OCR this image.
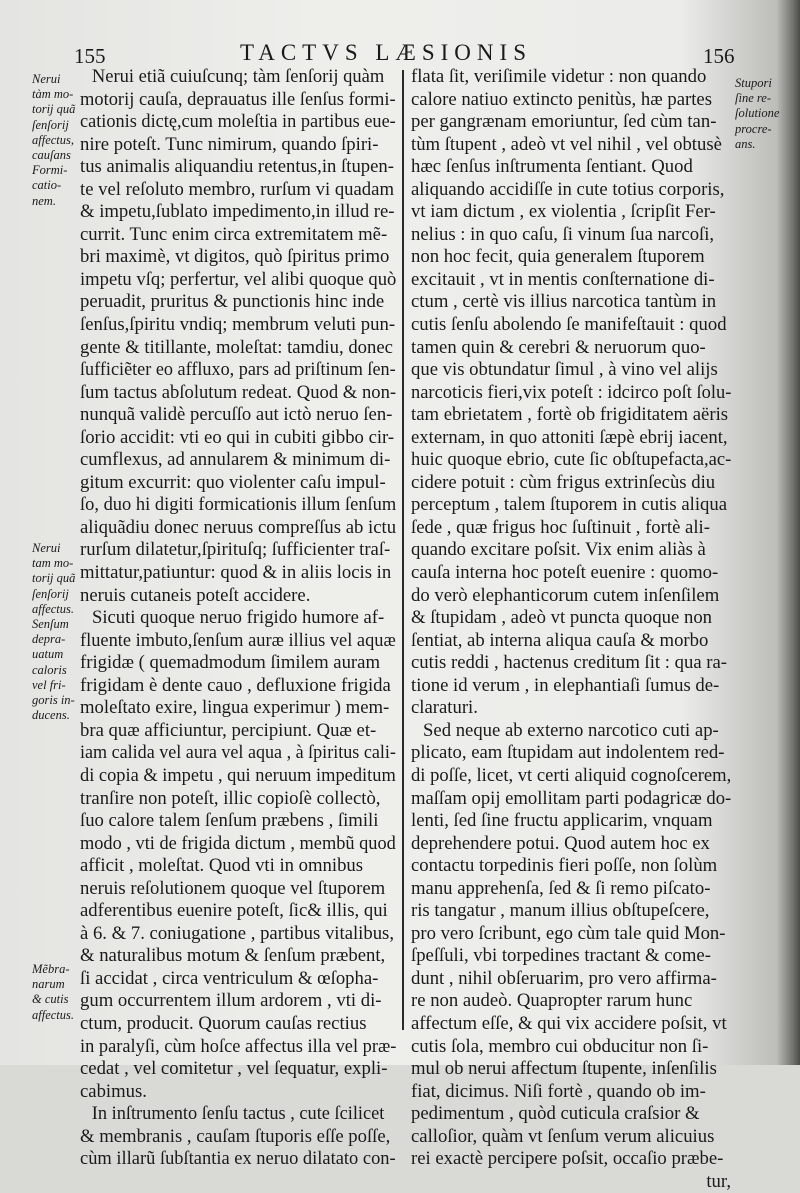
155	TACTVS LÆSIONIS	156
Nerui etiã cuiuſcunq; tàm ſenſorij quàm
motorij cauſa, deprauatus ille ſenſus formi-
cationis dictę,cum moleſtia in partibus eue-
nire poteſt. Tunc nimirum, quando ſpiri-
tus animalis aliquandiu retentus,in ſtupen-
te vel reſoluto membro, rurſum vi quadam
& impetu,ſublato impedimento,in illud re-
currit. Tunc enim circa extremitatem mẽ-
bri maximè, vt digitos, quò ſpiritus primo
impetu vſq; perfertur, vel alibi quoque quò
peruadit, pruritus & punctionis hinc inde
ſenſus,ſpiritu vndiq; membrum veluti pun-
gente & titillante, moleſtat: tamdiu, donec
ſufficiẽter eo affluxo, pars ad priſtinum ſen-
ſum tactus abſolutum redeat. Quod & non-
nunquã validè percuſſo aut ictò neruo ſen-
ſorio accidit: vti eo qui in cubiti gibbo cir-
cumflexus, ad annularem & minimum di-
gitum excurrit: quo violenter caſu impul-
ſo, duo hi digiti formicationis illum ſenſum
aliquãdiu donec neruus compreſſus ab ictu
rurſum dilatetur,ſpirituſq; ſufficienter traſ-
mittatur,patiuntur: quod & in aliis locis in
neruis cutaneis poteſt accidere.
Sicuti quoque neruo frigido humore af-
fluente imbuto,ſenſum auræ illius vel aquæ
frigidæ ( quemadmodum ſimilem auram
frigidam è dente cauo , defluxione frigida
moleſtato exire, lingua experimur ) mem-
bra quæ afficiuntur, percipiunt. Quæ et-
iam calida vel aura vel aqua , à ſpiritus cali-
di copia & impetu , qui neruum impeditum
tranſire non poteſt, illic copioſè collectò,
ſuo calore talem ſenſum præbens , ſimili
modo , vti de frigida dictum , membũ quod
afficit , moleſtat. Quod vti in omnibus
neruis reſolutionem quoque vel ſtuporem
adferentibus euenire poteſt, ſic& illis, qui
à 6. & 7. coniugatione , partibus vitalibus,
& naturalibus motum & ſenſum præbent,
ſi accidat , circa ventriculum & œſopha-
gum occurrentem illum ardorem , vti di-
ctum, producit. Quorum cauſas rectius
in paralyſi, cùm hoſce affectus illa vel præ-
cedat , vel comitetur , vel ſequatur, expli-
cabimus.
In inſtrumento ſenſu tactus , cute ſcilicet
& membranis , cauſam ſtuporis eſſe poſſe,
cùm illarũ ſubſtantia ex neruo dilatato con-
flata ſit, veriſimile videtur : non quando
calore natiuo extincto penitùs, hæ partes
per gangrænam emoriuntur, ſed cùm tan-
tùm ſtupent , adeò vt vel nihil , vel obtusè
hæc ſenſus inſtrumenta ſentiant. Quod
aliquando accidiſſe in cute totius corporis,
vt iam dictum , ex violentia , ſcripſit Fer-
nelius : in quo caſu, ſi vinum ſua narcoſi,
non hoc fecit, quia generalem ſtuporem
excitauit , vt in mentis conſternatione di-
ctum , certè vis illius narcotica tantùm in
cutis ſenſu abolendo ſe manifeſtauit : quod
tamen quin & cerebri & neruorum quo-
que vis obtundatur ſimul , à vino vel alijs
narcoticis fieri,vix poteſt : idcirco poſt ſolu-
tam ebrietatem , fortè ob frigiditatem aëris
externam, in quo attoniti ſæpè ebrij iacent,
huic quoque ebrio, cute ſic obſtupefacta,ac-
cidere potuit : cùm frigus extrinſecùs diu
perceptum , talem ſtuporem in cutis aliqua
ſede , quæ frigus hoc ſuſtinuit , fortè ali-
quando excitare poſsit. Vix enim aliàs à
cauſa interna hoc poteſt euenire : quomo-
do verò elephanticorum cutem inſenſilem
& ſtupidam , adeò vt puncta quoque non
ſentiat, ab interna aliqua cauſa & morbo
cutis reddi , hactenus creditum ſit : qua ra-
tione id verum , in elephantiaſi ſumus de-
claraturi.
Sed neque ab externo narcotico cuti ap-
plicato, eam ſtupidam aut indolentem red-
di poſſe, licet, vt certi aliquid cognoſcerem,
maſſam opij emollitam parti podagricæ do-
lenti, ſed ſine fructu applicarim, vnquam
deprehendere potui. Quod autem hoc ex
contactu torpedinis fieri poſſe, non ſolùm
manu apprehenſa, ſed & ſi remo piſcato-
ris tangatur , manum illius obſtupeſcere,
pro vero ſcribunt, ego cùm tale quid Mon-
ſpeſſuli, vbi torpedines tractant & come-
dunt , nihil obſeruarim, pro vero affirma-
re non audeò. Quapropter rarum hunc
affectum eſſe, & qui vix accidere poſsit, vt
cutis ſola, membro cui obducitur non ſi-
mul ob nerui affectum ſtupente, inſenſilis
fiat, dicimus. Niſi fortè , quando ob im-
pedimentum , quòd cuticula craſsior &
calloſior, quàm vt ſenſum verum alicuius
rei exactè percipere poſsit, occaſio præbe-
tur,
Nerui
tàm mo-
torij quã
ſenſorij
affectus,
cauſans
Formi-
catio-
nem.
Nerui
tam mo-
torij quã
ſenſorij
affectus.
Senſum
depra-
uatum
caloris
vel fri-
goris in-
ducens.
Mẽbra-
narum
& cutis
affectus.
Stupori
ſine re-
ſolutione
procre-
ans.
